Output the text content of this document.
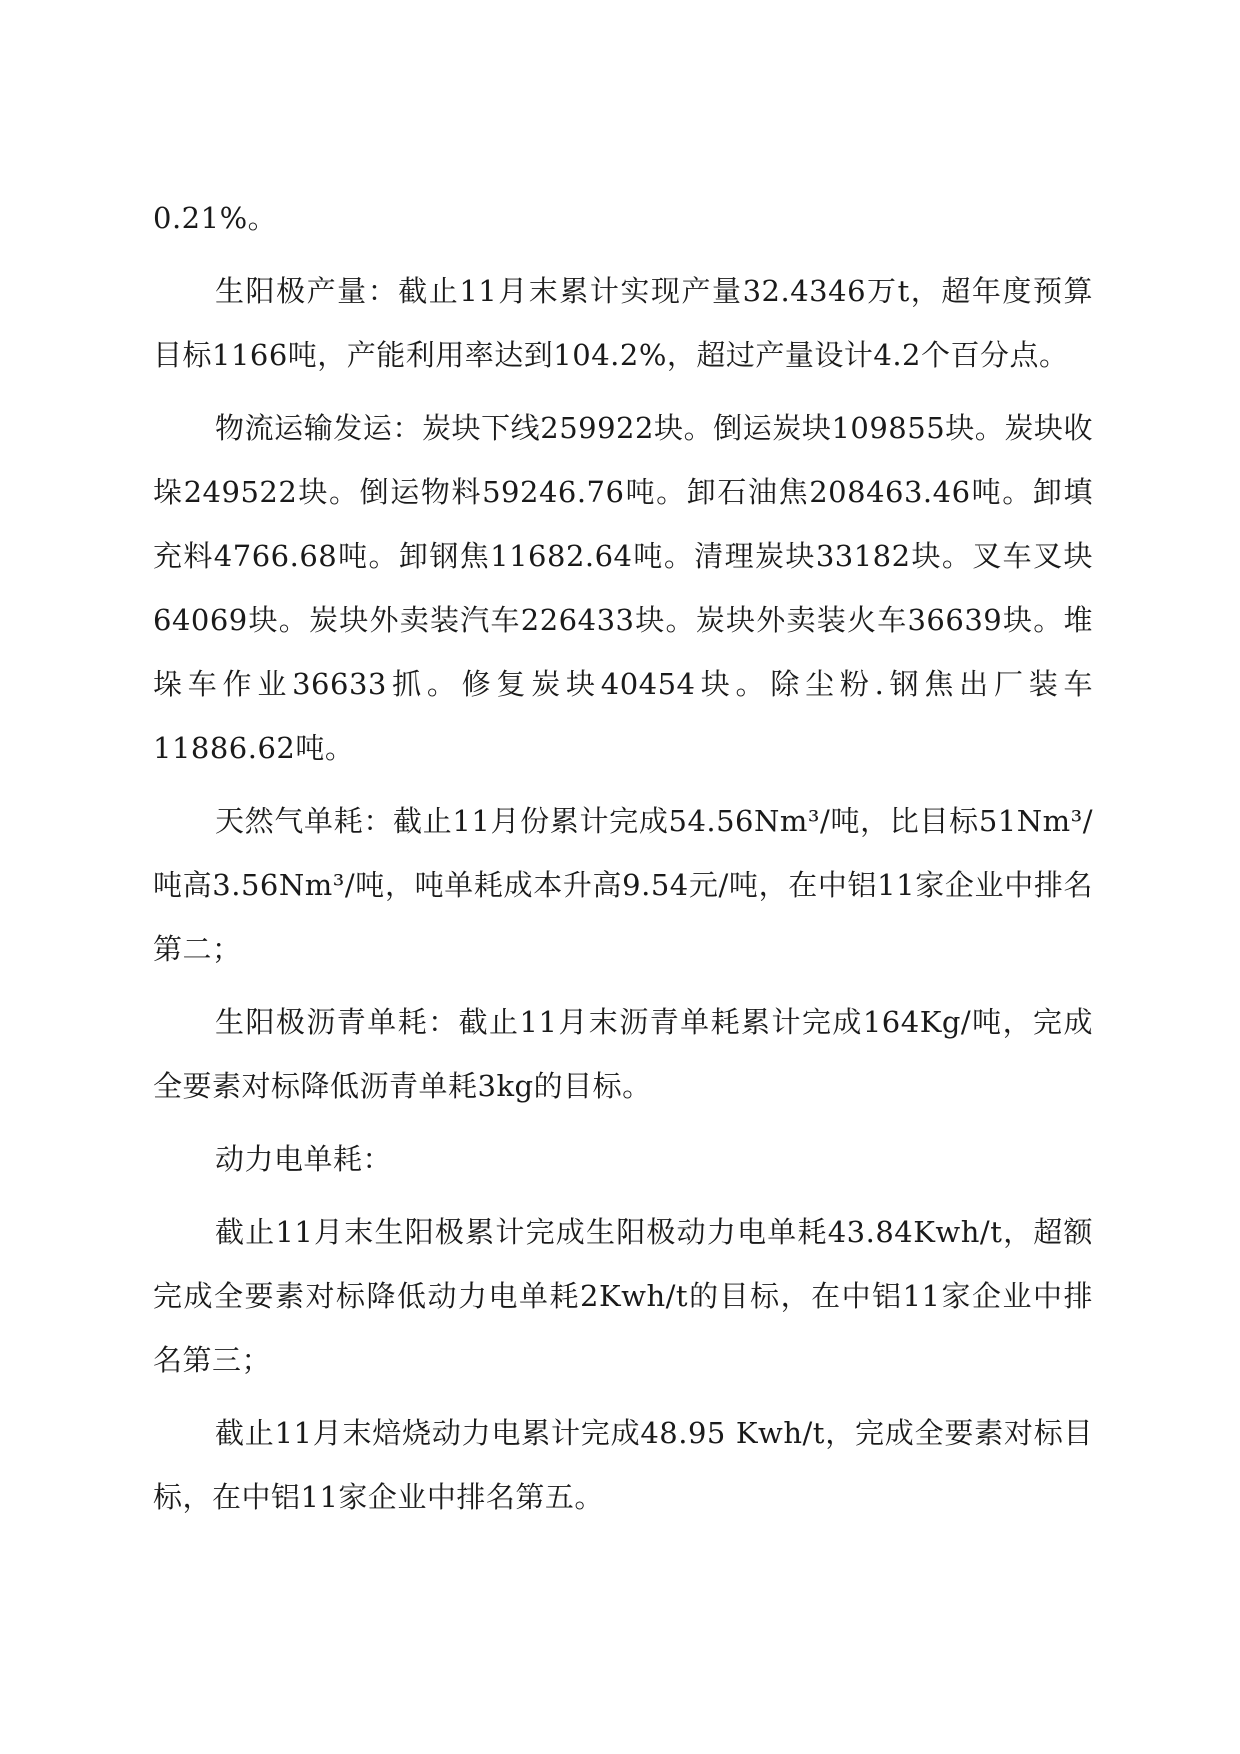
0.21%。

生阳极产量：截止11月末累计实现产量32.4346万t，超年度预算目标1166吨，产能利用率达到104.2%，超过产量设计4.2个百分点。

物流运输发运：炭块下线259922块。倒运炭块109855块。炭块收垛249522块。倒运物料59246.76吨。卸石油焦208463.46吨。卸填充料4766.68吨。卸钢焦11682.64吨。清理炭块33182块。叉车叉块64069块。炭块外卖装汽车226433块。炭块外卖装火车36639块。堆垛车作业36633抓。修复炭块40454块。除尘粉.钢焦出厂装车11886.62吨。

天然气单耗：截止11月份累计完成54.56Nm³/吨，比目标51Nm³/吨高3.56Nm³/吨，吨单耗成本升高9.54元/吨，在中铝11家企业中排名第二；

生阳极沥青单耗：截止11月末沥青单耗累计完成164Kg/吨，完成全要素对标降低沥青单耗3kg的目标。

动力电单耗：

截止11月末生阳极累计完成生阳极动力电单耗43.84Kwh/t，超额完成全要素对标降低动力电单耗2Kwh/t的目标，在中铝11家企业中排名第三；

截止11月末焙烧动力电累计完成48.95 Kwh/t，完成全要素对标目标，在中铝11家企业中排名第五。
